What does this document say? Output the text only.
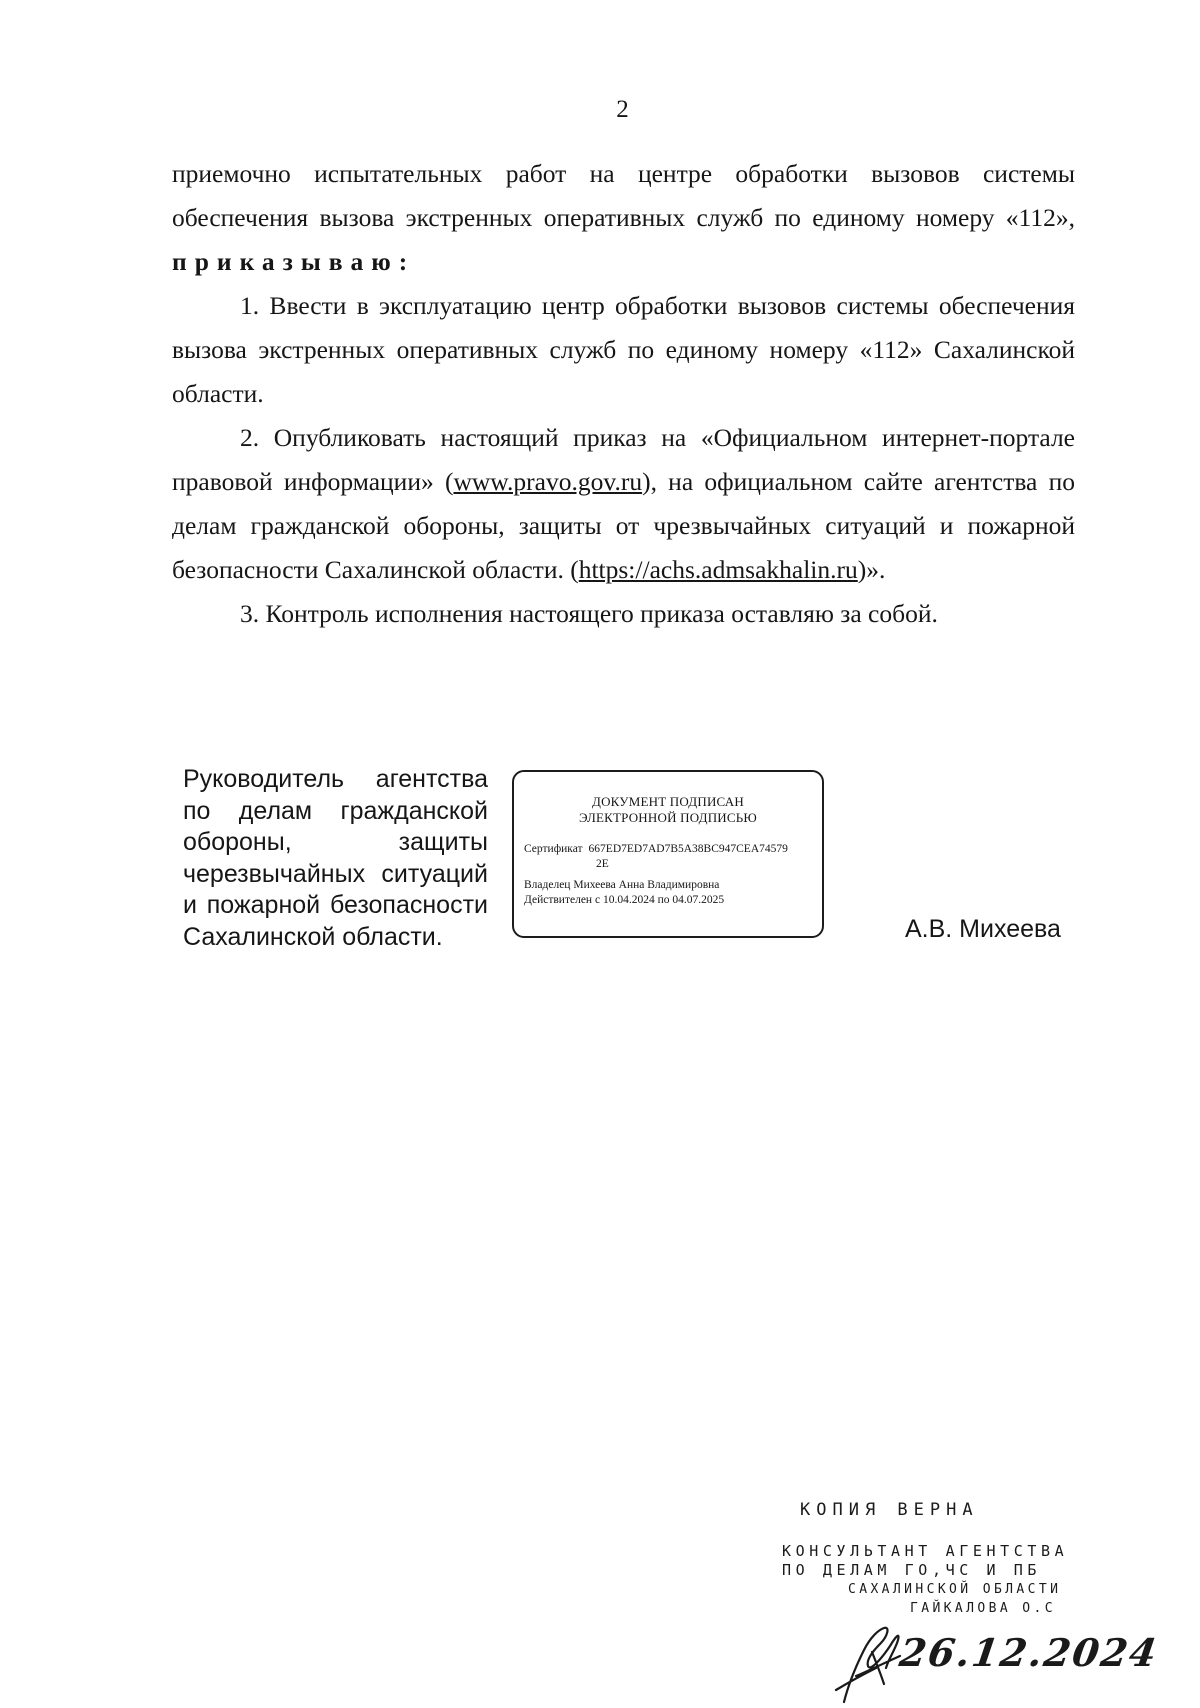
2

приемочно испытательных работ на центре обработки вызовов системы обеспечения вызова экстренных оперативных служб по единому номеру «112», приказываю:

1. Ввести в эксплуатацию центр обработки вызовов системы обеспечения вызова экстренных оперативных служб по единому номеру «112» Сахалинской области.

2. Опубликовать настоящий приказ на «Официальном интернет-портале правовой информации» (www.pravo.gov.ru), на официальном сайте агентства по делам гражданской обороны, защиты от чрезвычайных ситуаций и пожарной безопасности Сахалинской области. (https://achs.admsakhalin.ru)».

3. Контроль исполнения настоящего приказа оставляю за собой.

Руководитель агентства по делам гражданской обороны, защиты черезвычайных ситуаций и пожарной безопасности Сахалинской области.
ДОКУМЕНТ ПОДПИСАН
ЭЛЕКТРОННОЙ ПОДПИСЬЮ
Сертификат 667ED7ED7AD7B5A38BC947CEA74579
2E
Владелец Михеева Анна Владимировна
Действителен с 10.04.2024 по 04.07.2025
А.В. Михеева
КОПИЯ ВЕРНА
КОНСУЛЬТАНТ АГЕНТСТВА
ПО ДЕЛАМ ГО,ЧС И ПБ
САХАЛИНСКОЙ ОБЛАСТИ
ГАЙКАЛОВА О.С
26.12.2024
